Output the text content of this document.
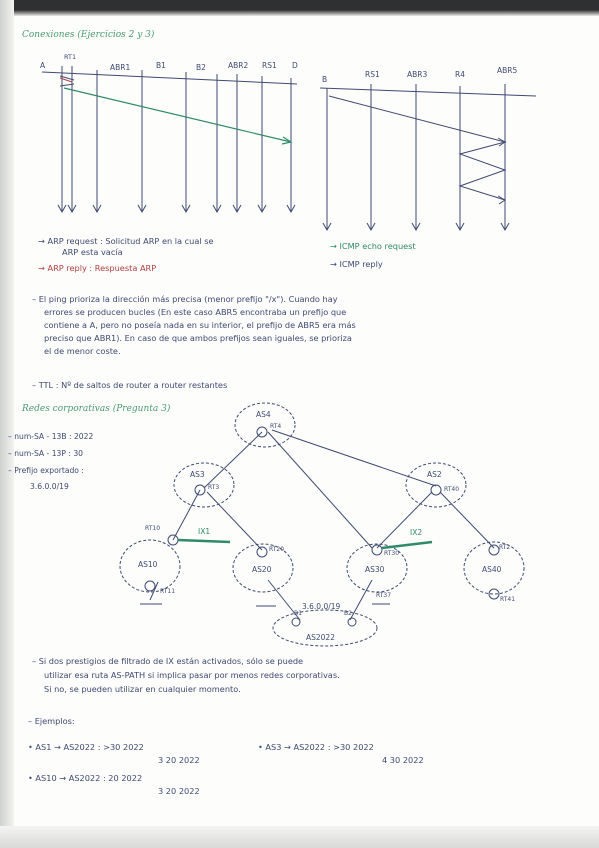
Conexiones (Ejercicios 2 y 3)
A
RT1
ABR1	B1	B2	ABR2 RS1 D
B
RS1	ABR3	R4	ABR5
→ ARP request : Solicitud ARP en la cual se
ARP esta vacía
→ ARP reply : Respuesta ARP
→ ICMP echo request
→ ICMP reply
– El ping prioriza la dirección más precisa (menor prefijo "/x"). Cuando hay
errores se producen bucles (En este caso ABR5 encontraba un prefijo que
contiene a A, pero no poseía nada en su interior, el prefijo de ABR5 era más
preciso que ABR1). En caso de que ambos prefijos sean iguales, se prioriza
el de menor coste.
– TTL : Nº de saltos de router a router restantes
Redes corporativas (Pregunta 3)
– num-SA - 13B : 2022
– num-SA - 13P : 30
– Prefijo exportado :
3.6.0.0/19
AS4
AS3
AS10
AS20	AS30	AS40
AS2022
AS2
RT4
RT3
RT10
RT20
RT30
RT40
RT11
RT37
RT41
RT2
B1	B2
IX1	IX2
3.6.0.0/19
– Si dos prestigios de filtrado de IX están activados, sólo se puede
utilizar esa ruta AS-PATH si implica pasar por menos redes corporativas.
Si no, se pueden utilizar en cualquier momento.
– Ejemplos:
• AS1 → AS2022 : >30 2022
3 20 2022
• AS10 → AS2022 : 20 2022
3 20 2022
• AS3 → AS2022 : >30 2022
4 30 2022
